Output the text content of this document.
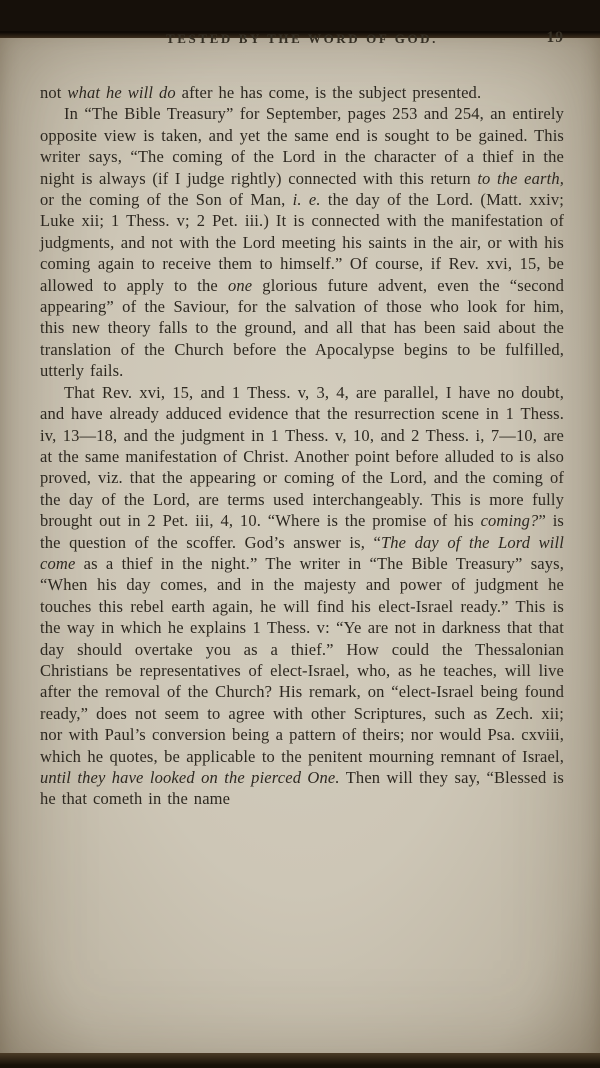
TESTED BY THE WORD OF GOD.	19

not what he will do after he has come, is the subject presented.

In “The Bible Treasury” for September, pages 253 and 254, an entirely opposite view is taken, and yet the same end is sought to be gained. This writer says, “The coming of the Lord in the character of a thief in the night is always (if I judge rightly) connected with this return to the earth, or the coming of the Son of Man, i. e. the day of the Lord. (Matt. xxiv; Luke xii; 1 Thess. v; 2 Pet. iii.) It is connected with the manifestation of judgments, and not with the Lord meeting his saints in the air, or with his coming again to receive them to himself.” Of course, if Rev. xvi, 15, be allowed to apply to the one glorious future advent, even the “second appearing” of the Saviour, for the salvation of those who look for him, this new theory falls to the ground, and all that has been said about the translation of the Church before the Apocalypse begins to be fulfilled, utterly fails.

That Rev. xvi, 15, and 1 Thess. v, 3, 4, are parallel, I have no doubt, and have already adduced evidence that the resurrection scene in 1 Thess. iv, 13—18, and the judgment in 1 Thess. v, 10, and 2 Thess. i, 7—10, are at the same manifestation of Christ. Another point before alluded to is also proved, viz. that the appearing or coming of the Lord, and the coming of the day of the Lord, are terms used interchangeably. This is more fully brought out in 2 Pet. iii, 4, 10. “Where is the promise of his coming?” is the question of the scoffer. God’s answer is, “The day of the Lord will come as a thief in the night.” The writer in “The Bible Treasury” says, “When his day comes, and in the majesty and power of judgment he touches this rebel earth again, he will find his elect-Israel ready.” This is the way in which he explains 1 Thess. v: “Ye are not in darkness that that day should overtake you as a thief.” How could the Thessalonian Christians be representatives of elect-Israel, who, as he teaches, will live after the removal of the Church? His remark, on “elect-Israel being found ready,” does not seem to agree with other Scriptures, such as Zech. xii; nor with Paul’s conversion being a pattern of theirs; nor would Psa. cxviii, which he quotes, be applicable to the penitent mourning remnant of Israel, until they have looked on the pierced One. Then will they say, “Blessed is he that cometh in the name
